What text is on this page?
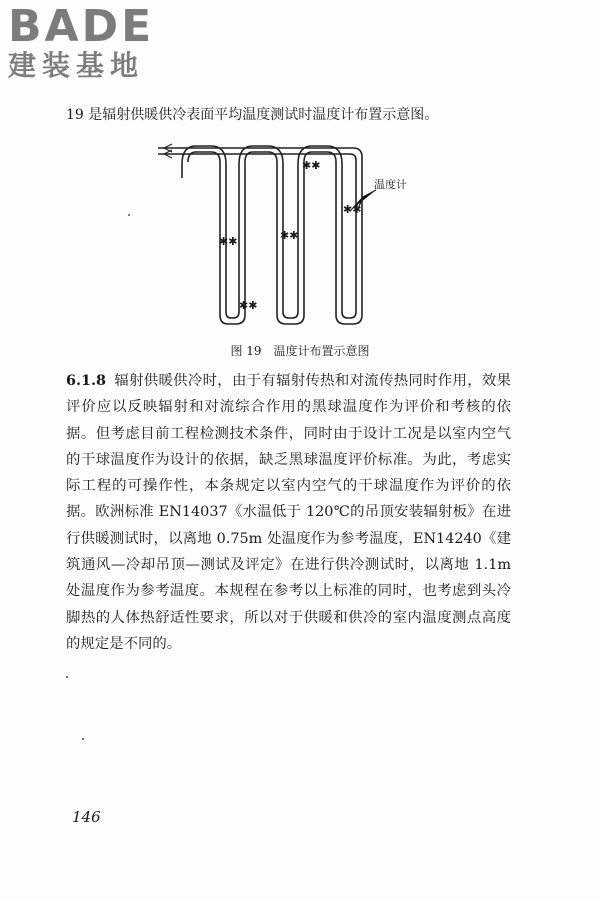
BADE
建装基地
19 是辐射供暖供冷表面平均温度测试时温度计布置示意图。
温度计
✱✱
✱✱
✱✱
✱✱
✱✱
图 19　温度计布置示意图
6.1.8 辐射供暖供冷时，由于有辐射传热和对流传热同时作用，效果评价应以反映辐射和对流综合作用的黑球温度作为评价和考核的依据。但考虑目前工程检测技术条件，同时由于设计工况是以室内空气的干球温度作为设计的依据，缺乏黑球温度评价标准。为此，考虑实际工程的可操作性，本条规定以室内空气的干球温度作为评价的依据。欧洲标准 EN14037《水温低于 120℃的吊顶安装辐射板》在进行供暖测试时，以离地 0.75m 处温度作为参考温度，EN14240《建筑通风—冷却吊顶—测试及评定》在进行供冷测试时，以离地 1.1m 处温度作为参考温度。本规程在参考以上标准的同时，也考虑到头冷脚热的人体热舒适性要求，所以对于供暖和供冷的室内温度测点高度的规定是不同的。
146
